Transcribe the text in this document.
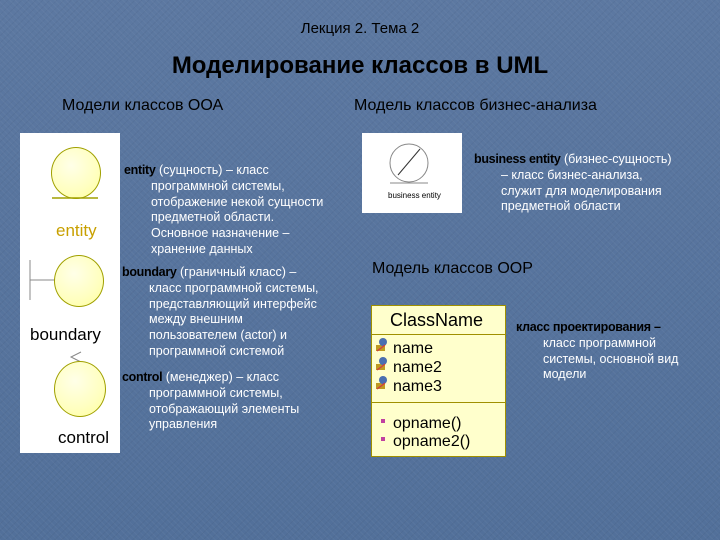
Лекция 2. Тема 2
Моделирование классов в UML
Модели классов ООА	Модель классов бизнес-анализа
entity
boundary
control
entity (сущность) – класс
программной системы,
отображение некой сущности
предметной области.
Основное назначение –
хранение данных
boundary (граничный класс) –
класс программной системы,
представляющий интерфейс
между внешним
пользователем (actor) и
программной системой
control (менеджер) – класс
программной системы,
отображающий элементы
управления
business entity
business entity (бизнес-сущность)
– класс бизнес-анализа,
служит для моделирования
предметной области
Модель классов ООР
ClassName
name
name2
name3
opname()
opname2()
класс проектирования –
класс программной
системы, основной вид
модели
